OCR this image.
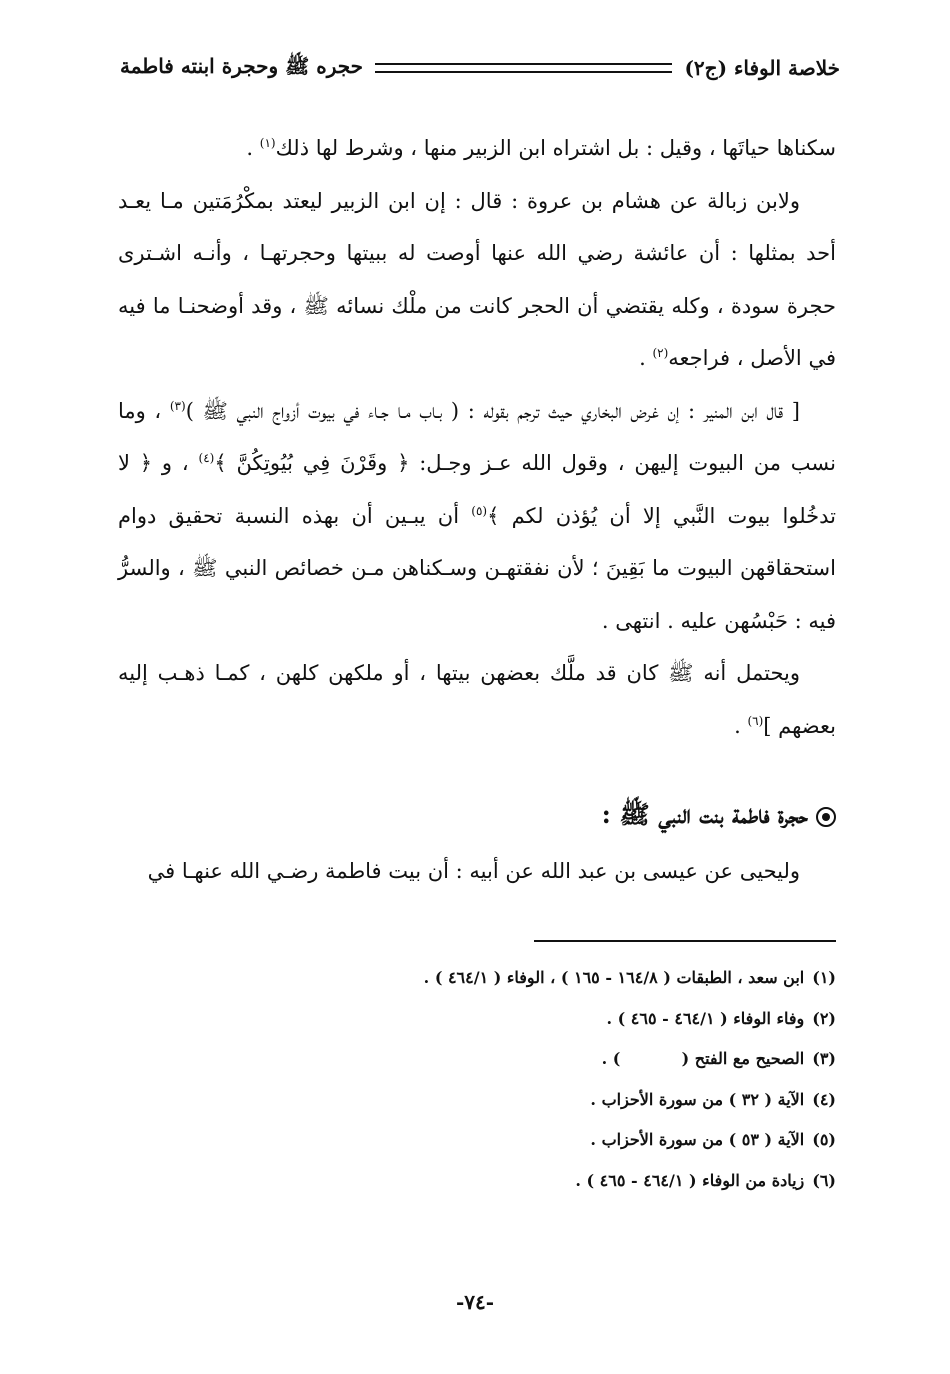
خلاصة الوفاء (ج٢)
حجره ﷺ وحجرة ابنته فاطمة

سكناها حياتَها ، وقيل : بل اشتراه ابن الزبير منها ، وشرط لها ذلك$^{(١)}$ .

ولابن زبالة عن هشام بن عروة : قال : إن ابن الزبير ليعتد بمكْرُمَتين مـا يعـد أحد بمثلها : أن عائشة رضي الله عنها أوصت له ببيتها وحجرتهـا ، وأنـه اشـترى حجرة سودة ، وكله يقتضي أن الحجر كانت من ملْك نسائه ﷺ ، وقد أوضحنـا ما فيه في الأصل ، فراجعه$^{(٢)}$ .

[ قال ابن المنير : إن غرض البخاري حيث ترجم بقوله : ( بـاب مـا جـاء في بيوت أزواج النبي ﷺ )$^{(٣)}$ ، وما نسب من البيوت إليهن ، وقول الله عـز وجـل: ﴿ وقَرْنَ فِي بُيُوتِكُنَّ ﴾$^{(٤)}$ ، و ﴿ لا تدخُلوا بيوت النَّبي إلا أن يُؤذن لكم ﴾$^{(٥)}$ أن يبـين أن بهذه النسبة تحقيق دوام استحقاقهن البيوت ما بَقِينَ ؛ لأن نفقتهـن وسـكناهن مـن خصائص النبي ﷺ ، والسرُّ فيه : حَبْسُهن عليه . انتهى .

ويحتمل أنه ﷺ كان قد ملَّك بعضهن بيتها ، أو ملكهن كلهن ، كمـا ذهـب إليه بعضهم ]$^{(٦)}$ .

حجرة فاطمة بنت النبي ﷺ :

وليحيى عن عيسى بن عبد الله عن أبيه : أن بيت فاطمة رضـي الله عنهـا في

(١)ابن سعد ، الطبقات ( ١٦٤/٨ - ١٦٥ ) ، الوفاء ( ٤٦٤/١ ) .

(٢)وفاء الوفاء ( ٤٦٤/١ - ٤٦٥ ) .

(٣)الصحيح مع الفتح (           ) .

(٤)الآية ( ٣٢ ) من سورة الأحزاب .

(٥)الآية ( ٥٣ ) من سورة الأحزاب .

(٦)زيادة من الوفاء ( ٤٦٤/١ - ٤٦٥ ) .

-٧٤-
